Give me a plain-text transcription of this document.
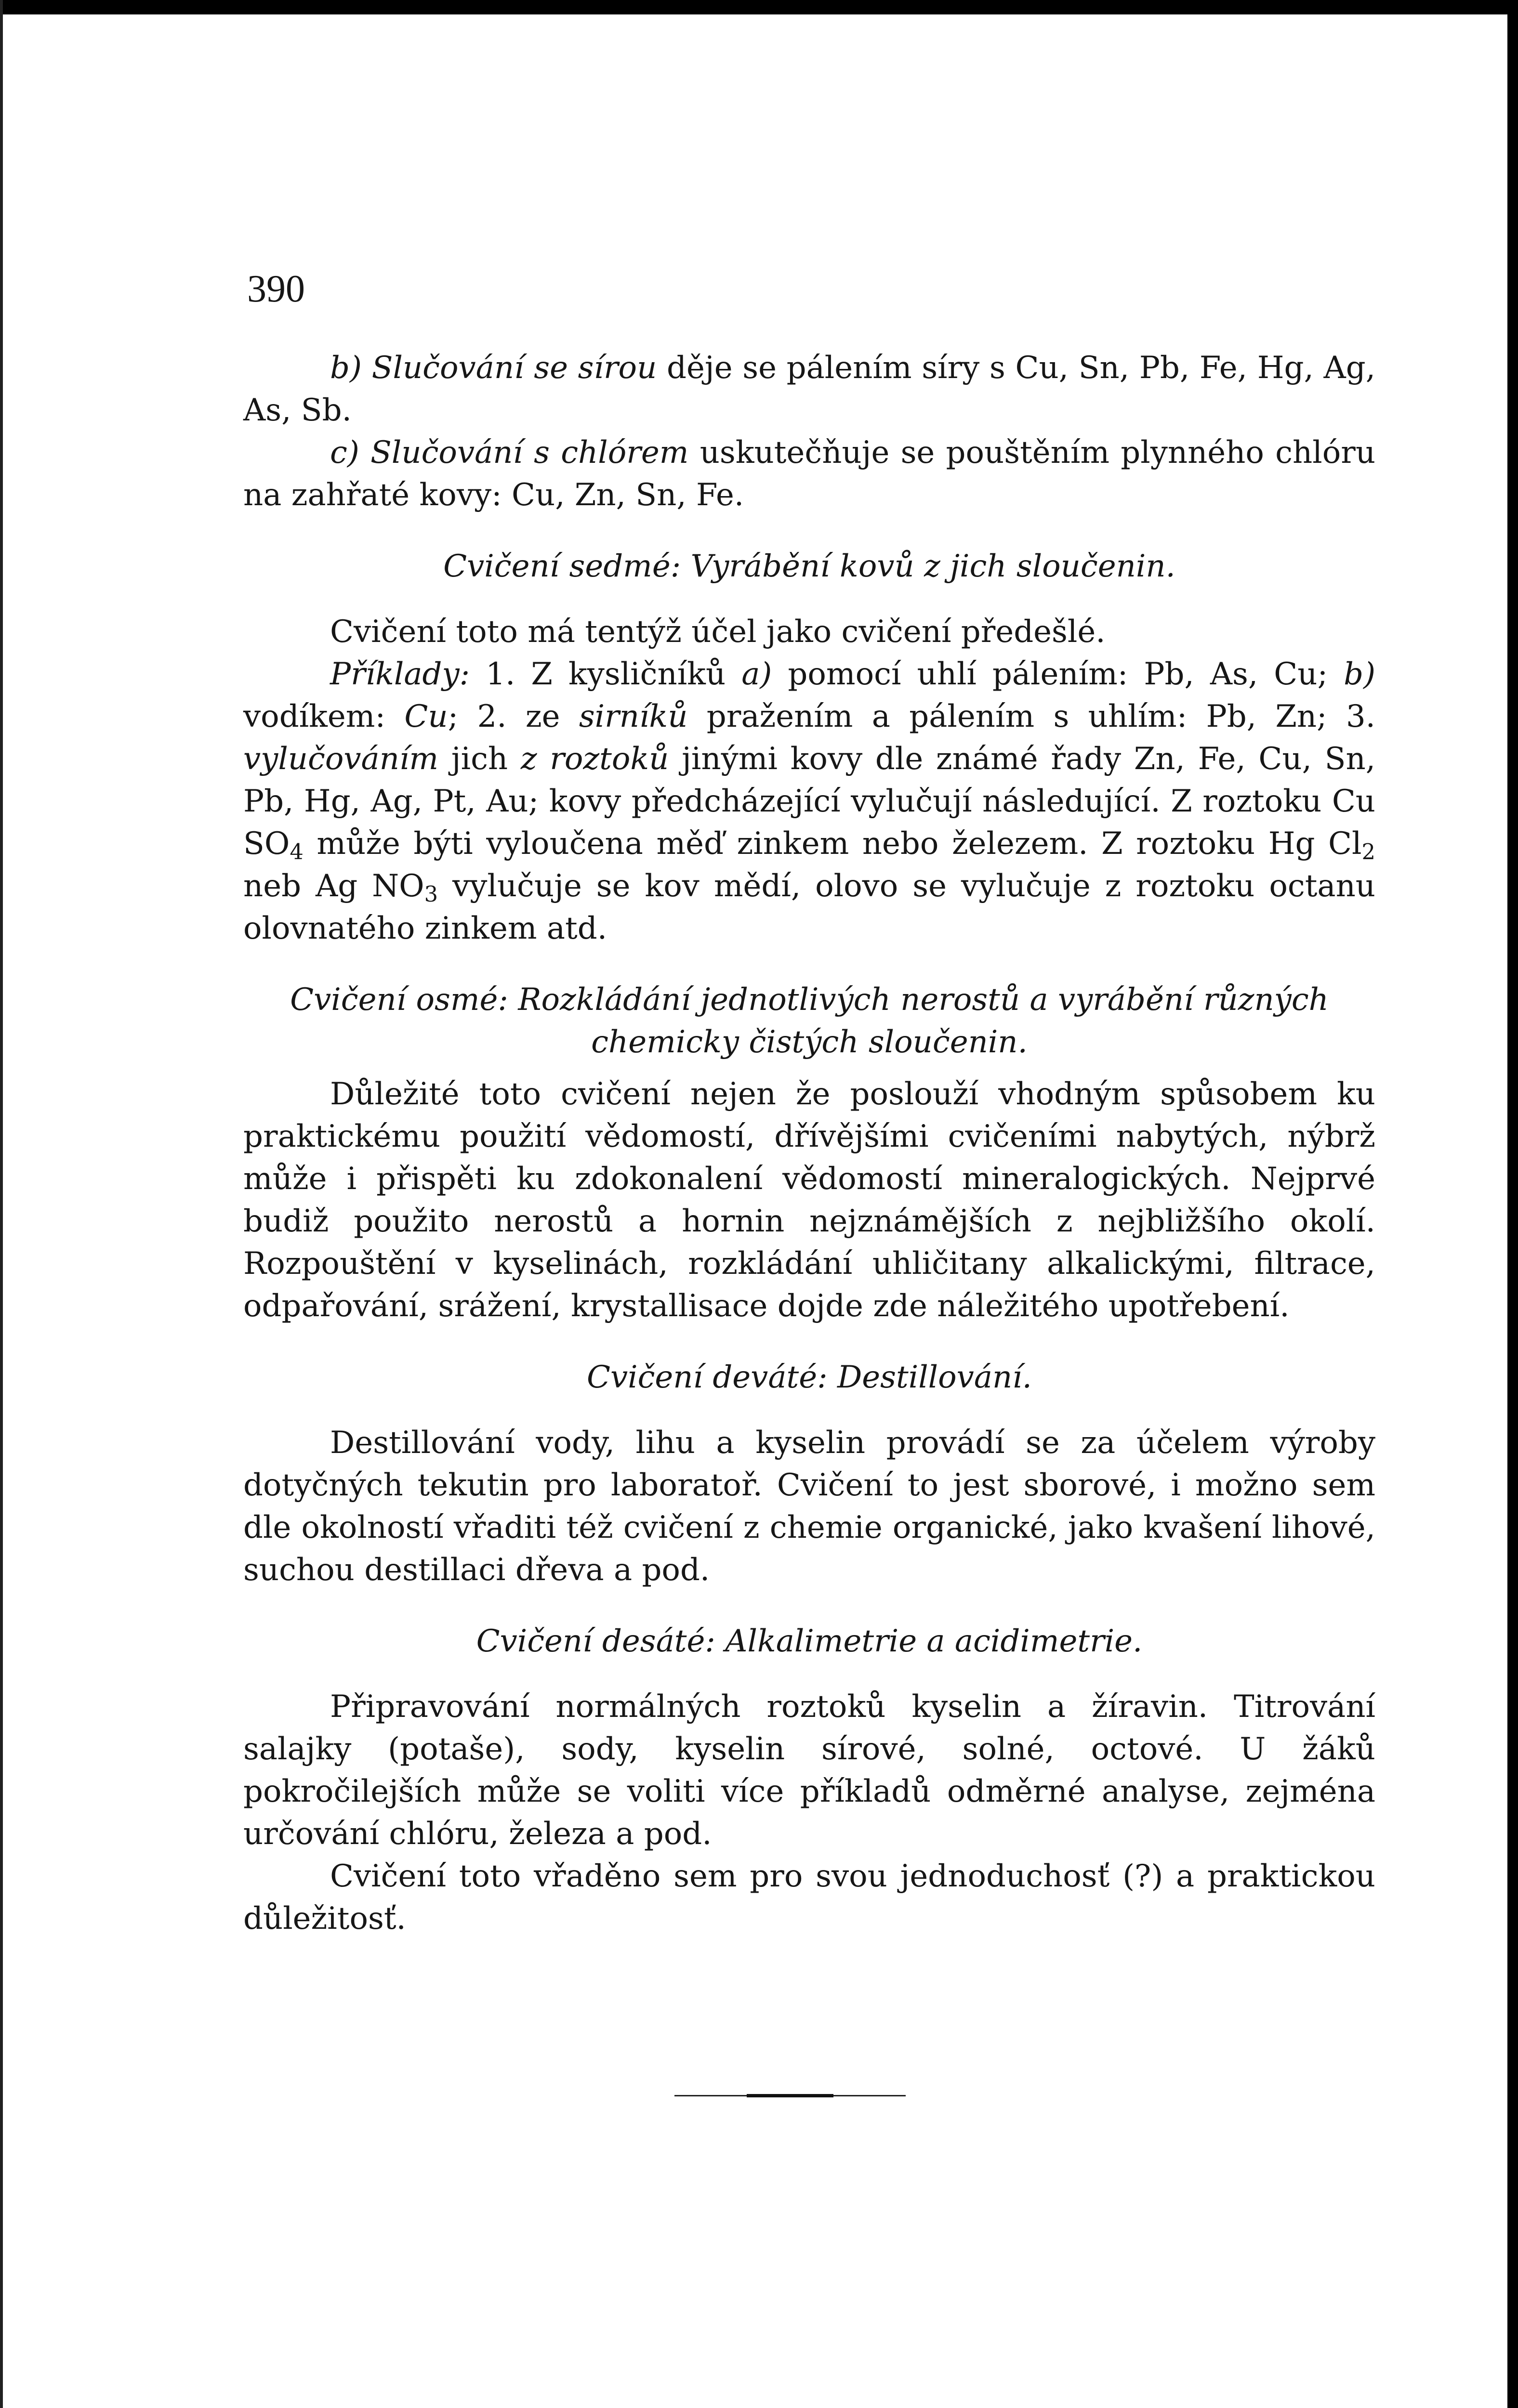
390

b) Slučování se sírou děje se pálením síry s Cu, Sn, Pb, Fe, Hg, Ag, As, Sb.

c) Slučování s chlórem uskutečňuje se pouštěním plynného chlóru na zahřaté kovy: Cu, Zn, Sn, Fe.

Cvičení sedmé: Vyrábění kovů z jich sloučenin.

Cvičení toto má tentýž účel jako cvičení předešlé.

Příklady: 1. Z kysličníků a) pomocí uhlí pálením: Pb, As, Cu; b) vodíkem: Cu; 2. ze sirníků pražením a pálením s uhlím: Pb, Zn; 3. vylučováním jich z roztoků jinými kovy dle známé řady Zn, Fe, Cu, Sn, Pb, Hg, Ag, Pt, Au; kovy předcházející vylučují následující. Z roztoku Cu $SO_4$ může býti vyloučena měď zinkem nebo železem. Z roztoku Hg $Cl_2$ neb Ag $NO_3$ vylučuje se kov mědí, olovo se vylučuje z roztoku octanu olovnatého zinkem atd.

Cvičení osmé: Rozkládání jednotlivých nerostů a vyrábění různých

chemicky čistých sloučenin.

Důležité toto cvičení nejen že poslouží vhodným spůsobem ku praktickému použití vědomostí, dřívějšími cvičeními nabytých, nýbrž může i přispěti ku zdokonalení vědomostí mineralogických. Nejprvé budiž použito nerostů a hornin nejznámějších z nejbližšího okolí. Rozpouštění v kyselinách, rozkládání uhličitany alkalickými, filtrace, odpařování, srážení, krystallisace dojde zde náležitého upotřebení.

Cvičení deváté: Destillování.

Destillování vody, lihu a kyselin provádí se za účelem výroby dotyčných tekutin pro laboratoř. Cvičení to jest sborové, i možno sem dle okolností vřaditi též cvičení z chemie organické, jako kvašení lihové, suchou destillaci dřeva a pod.

Cvičení desáté: Alkalimetrie a acidimetrie.

Připravování normálných roztoků kyselin a žíravin. Titrování salajky (potaše), sody, kyselin sírové, solné, octové. U žáků pokročilejších může se voliti více příkladů odměrné analyse, zejména určování chlóru, železa a pod.

Cvičení toto vřaděno sem pro svou jednoduchosť (?) a praktickou důležitosť.
